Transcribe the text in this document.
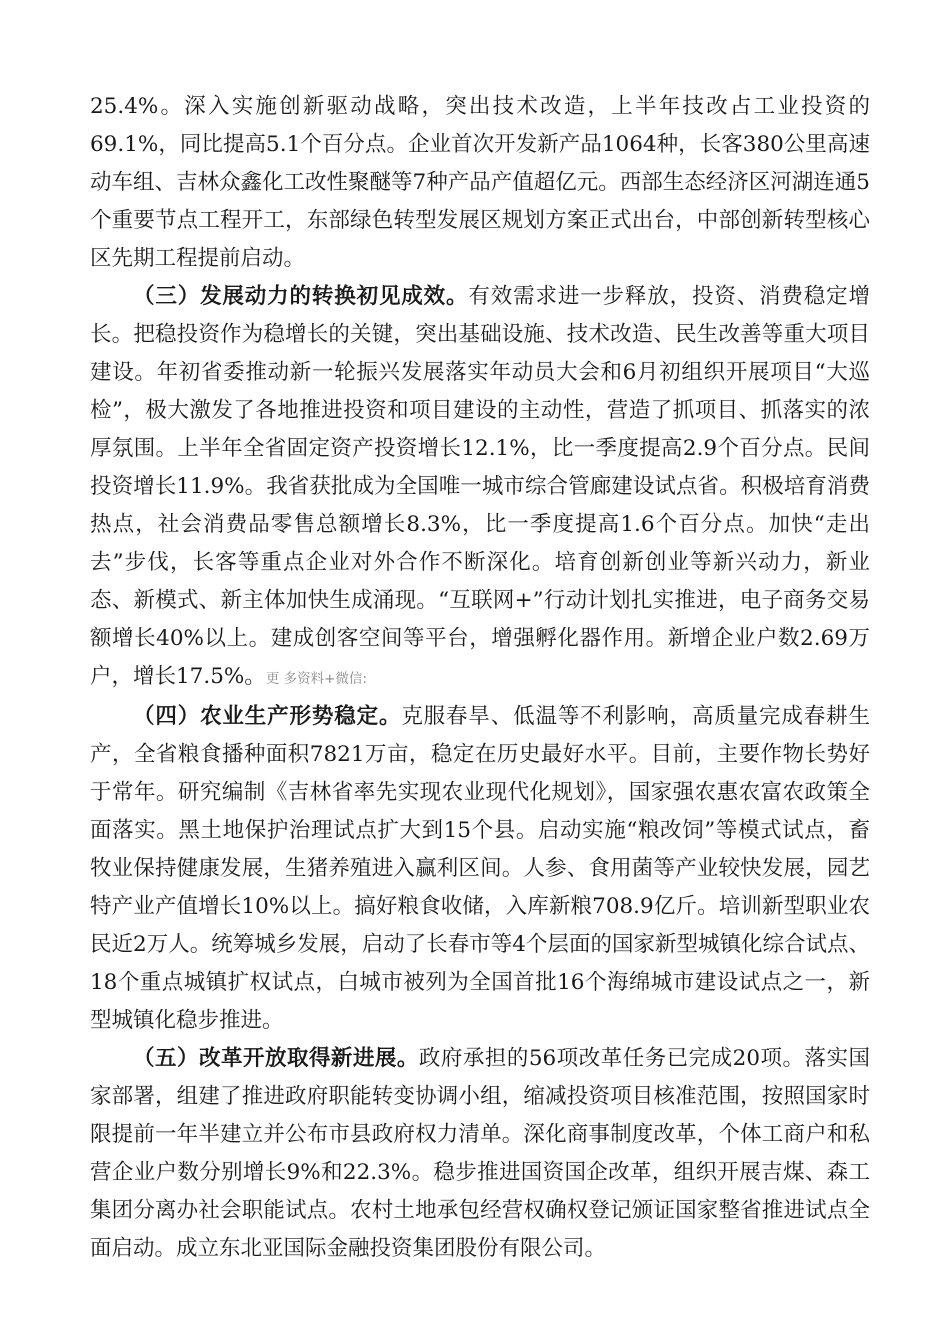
25.4%。深入实施创新驱动战略，突出技术改造，上半年技改占工业投资的69.1%，同比提高5.1个百分点。企业首次开发新产品1064种，长客380公里高速动车组、吉林众鑫化工改性聚醚等7种产品产值超亿元。西部生态经济区河湖连通5个重要节点工程开工，东部绿色转型发展区规划方案正式出台，中部创新转型核心区先期工程提前启动。

（三）发展动力的转换初见成效。有效需求进一步释放，投资、消费稳定增长。把稳投资作为稳增长的关键，突出基础设施、技术改造、民生改善等重大项目建设。年初省委推动新一轮振兴发展落实年动员大会和6月初组织开展项目“大巡检”，极大激发了各地推进投资和项目建设的主动性，营造了抓项目、抓落实的浓厚氛围。上半年全省固定资产投资增长12.1%，比一季度提高2.9个百分点。民间投资增长11.9%。我省获批成为全国唯一城市综合管廊建设试点省。积极培育消费热点，社会消费品零售总额增长8.3%，比一季度提高1.6个百分点。加快“走出去”步伐，长客等重点企业对外合作不断深化。培育创新创业等新兴动力，新业态、新模式、新主体加快生成涌现。“互联网+”行动计划扎实推进，电子商务交易额增长40%以上。建成创客空间等平台，增强孵化器作用。新增企业户数2.69万户，增长17.5%。更 多资料+微信:

（四）农业生产形势稳定。克服春旱、低温等不利影响，高质量完成春耕生产，全省粮食播种面积7821万亩，稳定在历史最好水平。目前，主要作物长势好于常年。研究编制《吉林省率先实现农业现代化规划》，国家强农惠农富农政策全面落实。黑土地保护治理试点扩大到15个县。启动实施“粮改饲”等模式试点，畜牧业保持健康发展，生猪养殖进入赢利区间。人参、食用菌等产业较快发展，园艺特产业产值增长10%以上。搞好粮食收储，入库新粮708.9亿斤。培训新型职业农民近2万人。统筹城乡发展，启动了长春市等4个层面的国家新型城镇化综合试点、18个重点城镇扩权试点，白城市被列为全国首批16个海绵城市建设试点之一，新型城镇化稳步推进。

（五）改革开放取得新进展。政府承担的56项改革任务已完成20项。落实国家部署，组建了推进政府职能转变协调小组，缩减投资项目核准范围，按照国家时限提前一年半建立并公布市县政府权力清单。深化商事制度改革，个体工商户和私营企业户数分别增长9%和22.3%。稳步推进国资国企改革，组织开展吉煤、森工集团分离办社会职能试点。农村土地承包经营权确权登记颁证国家整省推进试点全面启动。成立东北亚国际金融投资集团股份有限公司。
